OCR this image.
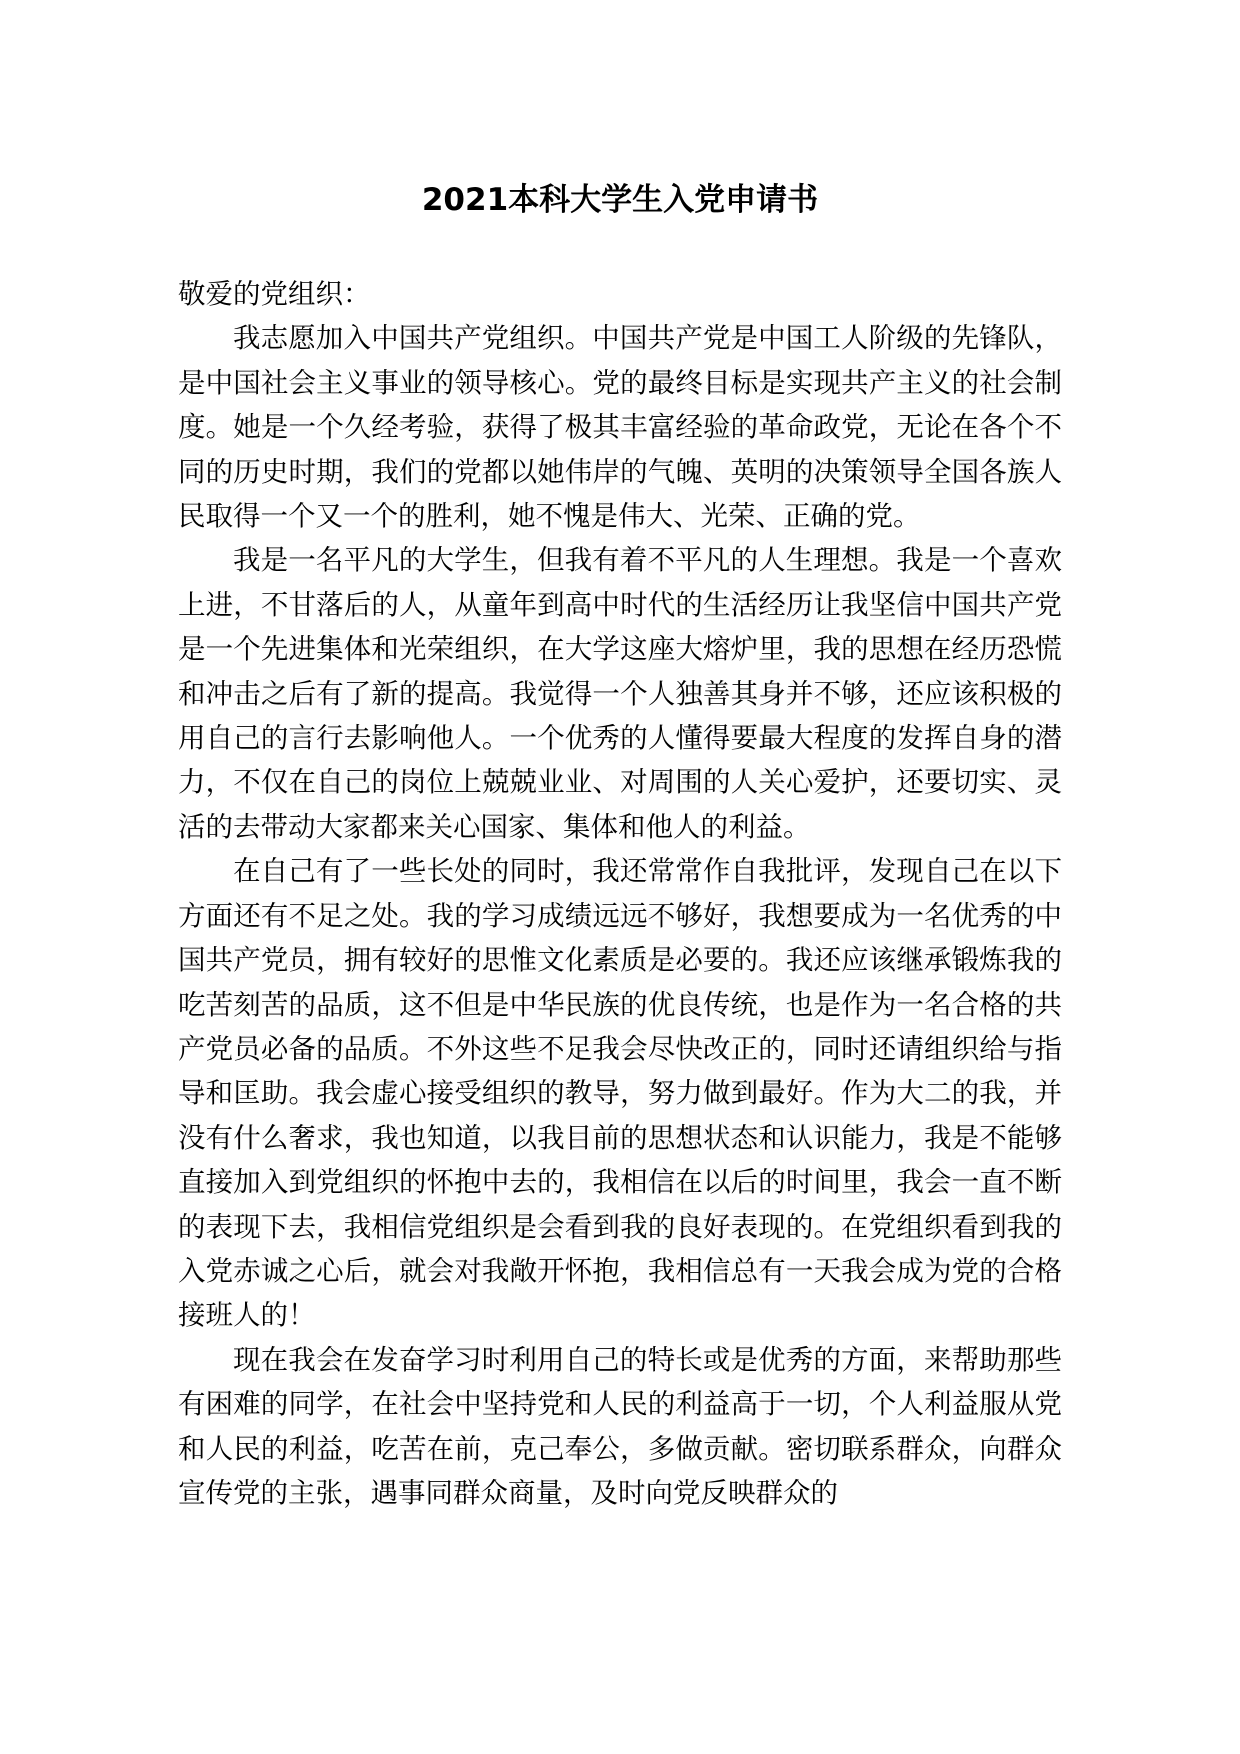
2021本科大学生入党申请书

敬爱的党组织：

我志愿加入中国共产党组织。中国共产党是中国工人阶级的先锋队，是中国社会主义事业的领导核心。党的最终目标是实现共产主义的社会制度。她是一个久经考验，获得了极其丰富经验的革命政党，无论在各个不同的历史时期，我们的党都以她伟岸的气魄、英明的决策领导全国各族人民取得一个又一个的胜利，她不愧是伟大、光荣、正确的党。

我是一名平凡的大学生，但我有着不平凡的人生理想。我是一个喜欢上进，不甘落后的人，从童年到高中时代的生活经历让我坚信中国共产党是一个先进集体和光荣组织，在大学这座大熔炉里，我的思想在经历恐慌和冲击之后有了新的提高。我觉得一个人独善其身并不够，还应该积极的用自己的言行去影响他人。一个优秀的人懂得要最大程度的发挥自身的潜力，不仅在自己的岗位上兢兢业业、对周围的人关心爱护，还要切实、灵活的去带动大家都来关心国家、集体和他人的利益。

在自己有了一些长处的同时，我还常常作自我批评，发现自己在以下方面还有不足之处。我的学习成绩远远不够好，我想要成为一名优秀的中国共产党员，拥有较好的思惟文化素质是必要的。我还应该继承锻炼我的吃苦刻苦的品质，这不但是中华民族的优良传统，也是作为一名合格的共产党员必备的品质。不外这些不足我会尽快改正的，同时还请组织给与指导和匡助。我会虚心接受组织的教导，努力做到最好。作为大二的我，并没有什么奢求，我也知道，以我目前的思想状态和认识能力，我是不能够直接加入到党组织的怀抱中去的，我相信在以后的时间里，我会一直不断的表现下去，我相信党组织是会看到我的良好表现的。在党组织看到我的入党赤诚之心后，就会对我敞开怀抱，我相信总有一天我会成为党的合格接班人的！

现在我会在发奋学习时利用自己的特长或是优秀的方面，来帮助那些有困难的同学，在社会中坚持党和人民的利益高于一切，个人利益服从党和人民的利益，吃苦在前，克己奉公，多做贡献。密切联系群众，向群众宣传党的主张，遇事同群众商量，及时向党反映群众的
